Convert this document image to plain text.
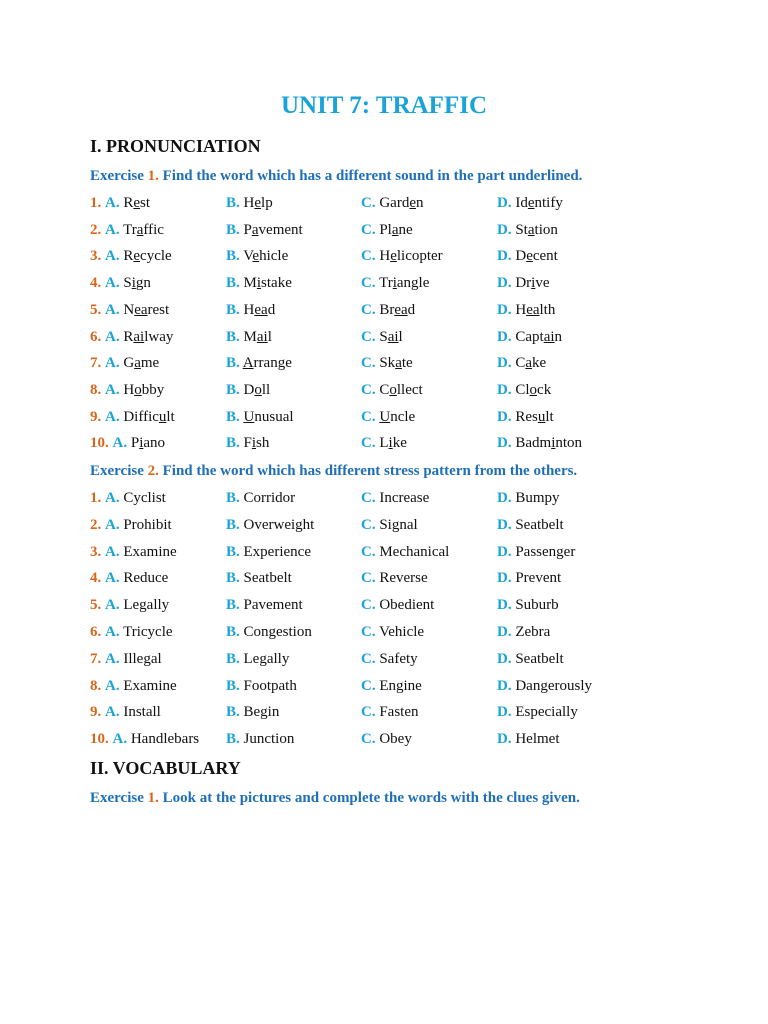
UNIT 7: TRAFFIC
I. PRONUNCIATION
Exercise 1. Find the word which has a different sound in the part underlined.
1. A. Rest	B. Help	C. Garden	D. Identify
2. A. Traffic	B. Pavement	C. Plane	D. Station
3. A. Recycle	B. Vehicle	C. Helicopter	D. Decent
4. A. Sign	B. Mistake	C. Triangle	D. Drive
5. A. Nearest	B. Head	C. Bread	D. Health
6. A. Railway	B. Mail	C. Sail	D. Captain
7. A. Game	B. Arrange	C. Skate	D. Cake
8. A. Hobby	B. Doll	C. Collect	D. Clock
9. A. Difficult	B. Unusual	C. Uncle	D. Result
10. A. Piano	B. Fish	C. Like	D. Badminton
Exercise 2. Find the word which has different stress pattern from the others.
1. A. Cyclist	B. Corridor	C. Increase	D. Bumpy
2. A. Prohibit	B. Overweight	C. Signal	D. Seatbelt
3. A. Examine	B. Experience	C. Mechanical	D. Passenger
4. A. Reduce	B. Seatbelt	C. Reverse	D. Prevent
5. A. Legally	B. Pavement	C. Obedient	D. Suburb
6. A. Tricycle	B. Congestion	C. Vehicle	D. Zebra
7. A. Illegal	B. Legally	C. Safety	D. Seatbelt
8. A. Examine	B. Footpath	C. Engine	D. Dangerously
9. A. Install	B. Begin	C. Fasten	D. Especially
10. A. Handlebars B. Junction	C. Obey	D. Helmet
II. VOCABULARY
Exercise 1. Look at the pictures and complete the words with the clues given.
